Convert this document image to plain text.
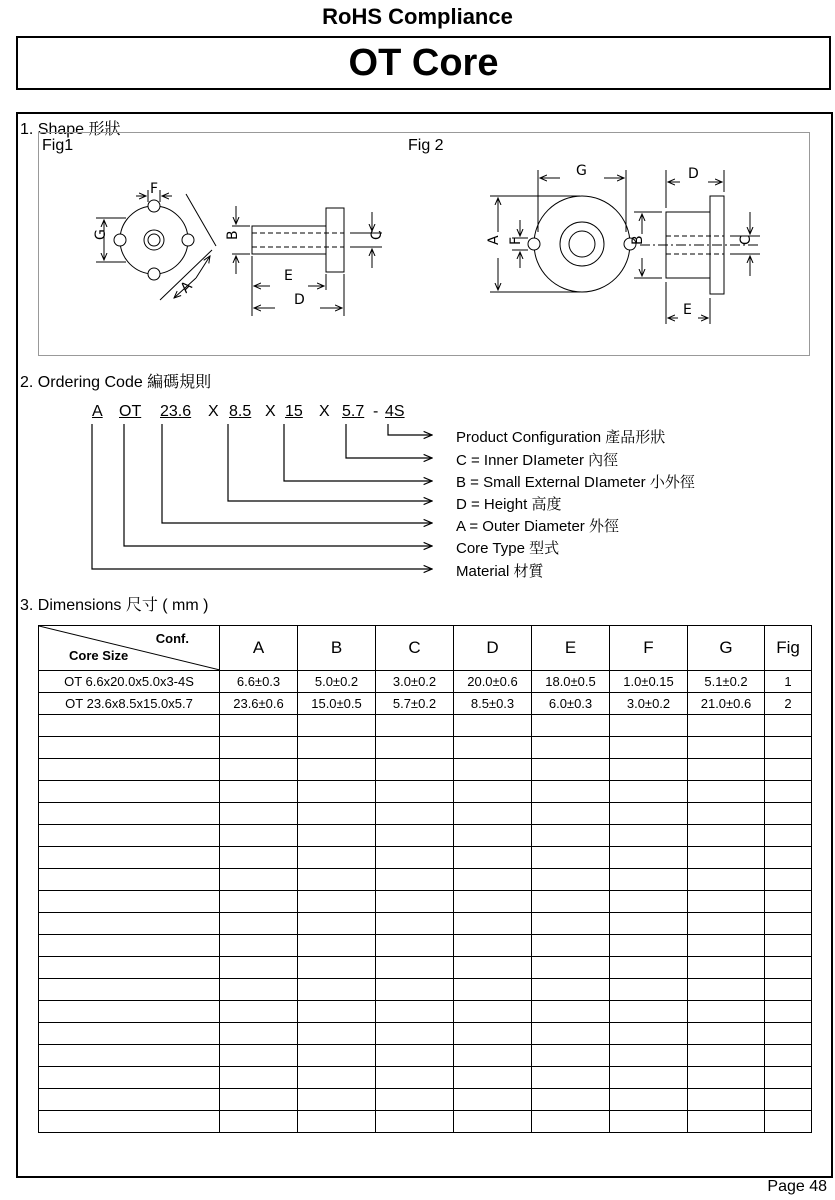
RoHS Compliance
OT Core
1. Shape 形狀
Fig1	Fig 2
F
G
A
B	C
E
D
G	D
A F	B	C
E
2. Ordering Code 編碼規則
A OT 23.6 X 8.5 X 15 X 5.7 - 4S
Product Configuration 產品形狀
C = Inner DIameter 內徑
B = Small External DIameter 小外徑
D = Height 高度
A = Outer Diameter 外徑
Core Type 型式
Material 材質
3. Dimensions 尺寸 ( mm )
Conf.
Core Size	A	B	C	D	E	F	G	Fig
OT 6.6x20.0x5.0x3-4S	6.6±0.3	5.0±0.2	3.0±0.2	20.0±0.6	18.0±0.5	1.0±0.15	5.1±0.2	1
OT 23.6x8.5x15.0x5.7	23.6±0.6	15.0±0.5	5.7±0.2	8.5±0.3	6.0±0.3	3.0±0.2	21.0±0.6	2

Page 48
